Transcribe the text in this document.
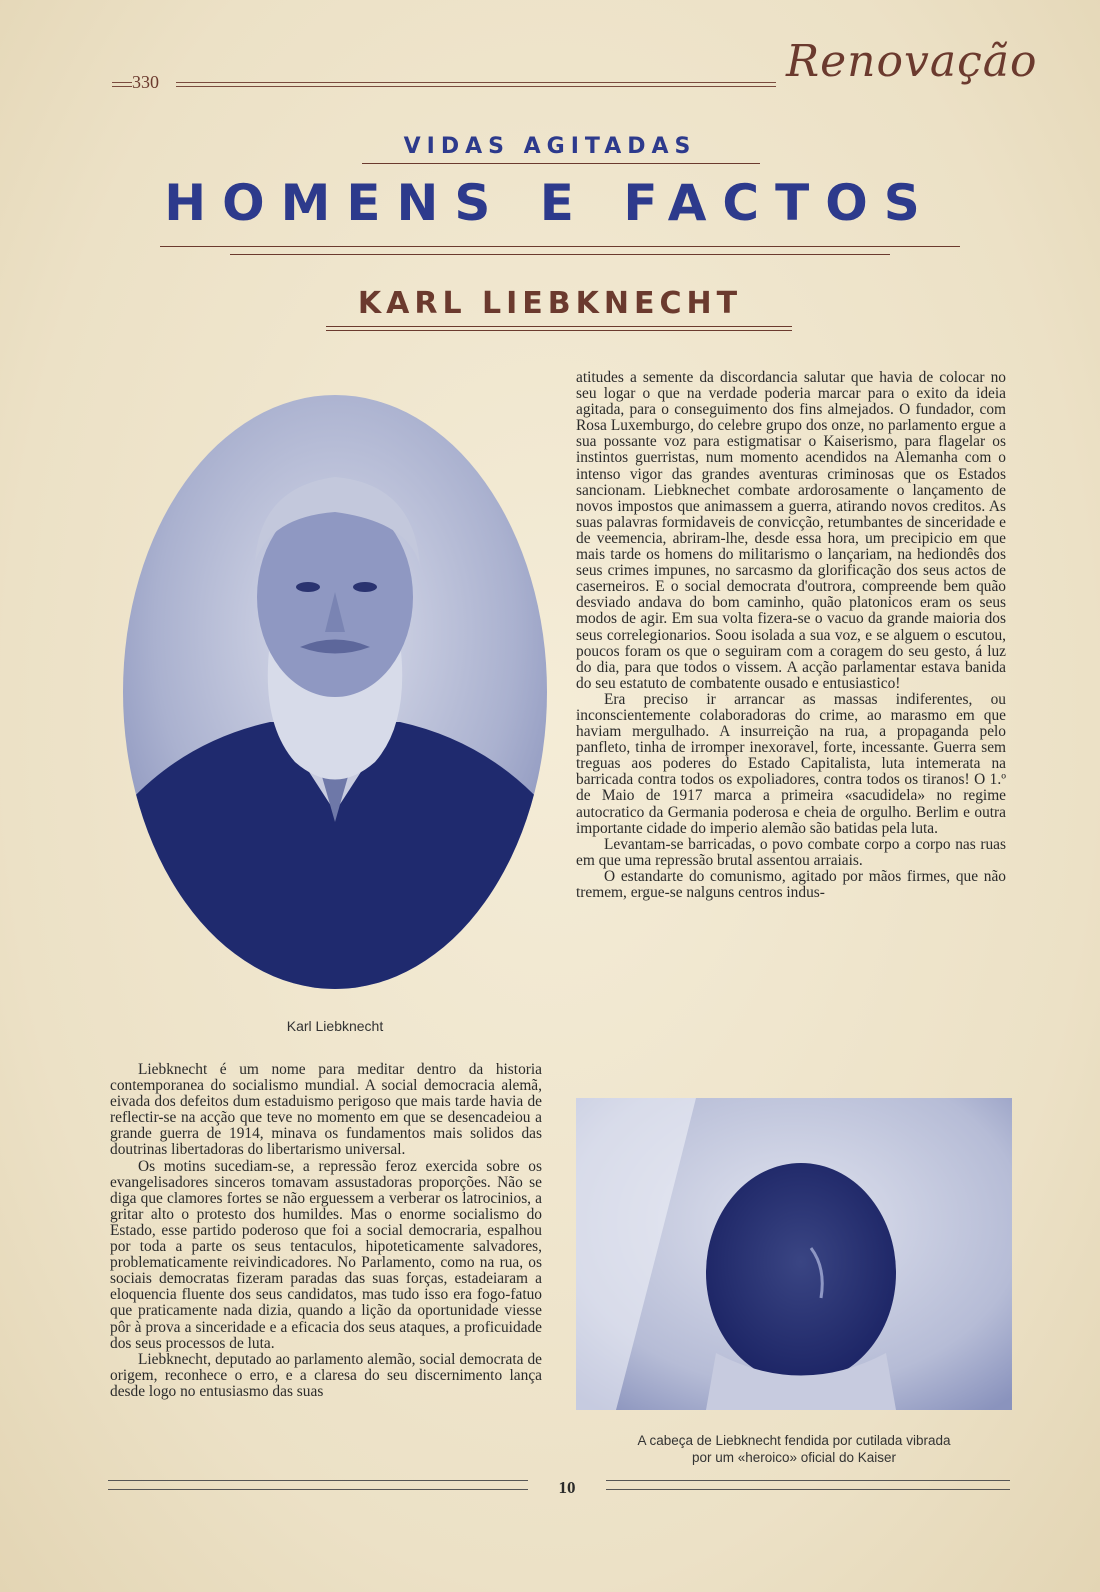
330	Renovação
VIDAS AGITADAS
HOMENS E FACTOS
KARL LIEBKNECHT
Karl Liebknecht

Liebknecht é um nome para meditar dentro da historia contemporanea do socialismo mundial. A social democracia alemã, eivada dos defeitos dum estaduismo perigoso que mais tarde havia de reflectir-se na acção que teve no momento em que se desencadeiou a grande guerra de 1914, minava os fundamentos mais solidos das doutrinas libertadoras do libertarismo universal.

Os motins sucediam-se, a repressão feroz exercida sobre os evangelisadores sinceros tomavam assustadoras proporções. Não se diga que clamores fortes se não erguessem a verberar os latrocinios, a gritar alto o protesto dos humildes. Mas o enorme socialismo do Estado, esse partido poderoso que foi a social democraria, espalhou por toda a parte os seus tentaculos, hipoteticamente salvadores, problematicamente reivindicadores. No Parlamento, como na rua, os sociais democratas fizeram paradas das suas forças, estadeiaram a eloquencia fluente dos seus candidatos, mas tudo isso era fogo-fatuo que praticamente nada dizia, quando a lição da oportunidade viesse pôr à prova a sinceridade e a eficacia dos seus ataques, a proficuidade dos seus processos de luta.

Liebknecht, deputado ao parlamento alemão, social democrata de origem, reconhece o erro, e a claresa do seu discernimento lança desde logo no entusiasmo das suas

atitudes a semente da discordancia salutar que havia de colocar no seu logar o que na verdade poderia marcar para o exito da ideia agitada, para o conseguimento dos fins almejados. O fundador, com Rosa Luxemburgo, do celebre grupo dos onze, no parlamento ergue a sua possante voz para estigmatisar o Kaiserismo, para flagelar os instintos guerristas, num momento acendidos na Alemanha com o intenso vigor das grandes aventuras criminosas que os Estados sancionam. Liebknechet combate ardorosamente o lançamento de novos impostos que animassem a guerra, atirando novos creditos. As suas palavras formidaveis de convicção, retumbantes de sinceridade e de veemencia, abriram-lhe, desde essa hora, um precipicio em que mais tarde os homens do militarismo o lançariam, na hediondês dos seus crimes impunes, no sarcasmo da glorificação dos seus actos de caserneiros. E o social democrata d'outrora, compreende bem quão desviado andava do bom caminho, quão platonicos eram os seus modos de agir. Em sua volta fizera-se o vacuo da grande maioria dos seus correlegionarios. Soou isolada a sua voz, e se alguem o escutou, poucos foram os que o seguiram com a coragem do seu gesto, á luz do dia, para que todos o vissem. A acção parlamentar estava banida do seu estatuto de combatente ousado e entusiastico!

Era preciso ir arrancar as massas indiferentes, ou inconscientemente colaboradoras do crime, ao marasmo em que haviam mergulhado. A insurreição na rua, a propaganda pelo panfleto, tinha de irromper inexoravel, forte, incessante. Guerra sem treguas aos poderes do Estado Capitalista, luta intemerata na barricada contra todos os expoliadores, contra todos os tiranos! O 1.º de Maio de 1917 marca a primeira «sacudidela» no regime autocratico da Germania poderosa e cheia de orgulho. Berlim e outra importante cidade do imperio alemão são batidas pela luta.

Levantam-se barricadas, o povo combate corpo a corpo nas ruas em que uma repressão brutal assentou arraiais.

O estandarte do comunismo, agitado por mãos firmes, que não tremem, ergue-se nalguns centros indus-

A cabeça de Liebknecht fendida por cutilada vibrada
por um «heroico» oficial do Kaiser
10
